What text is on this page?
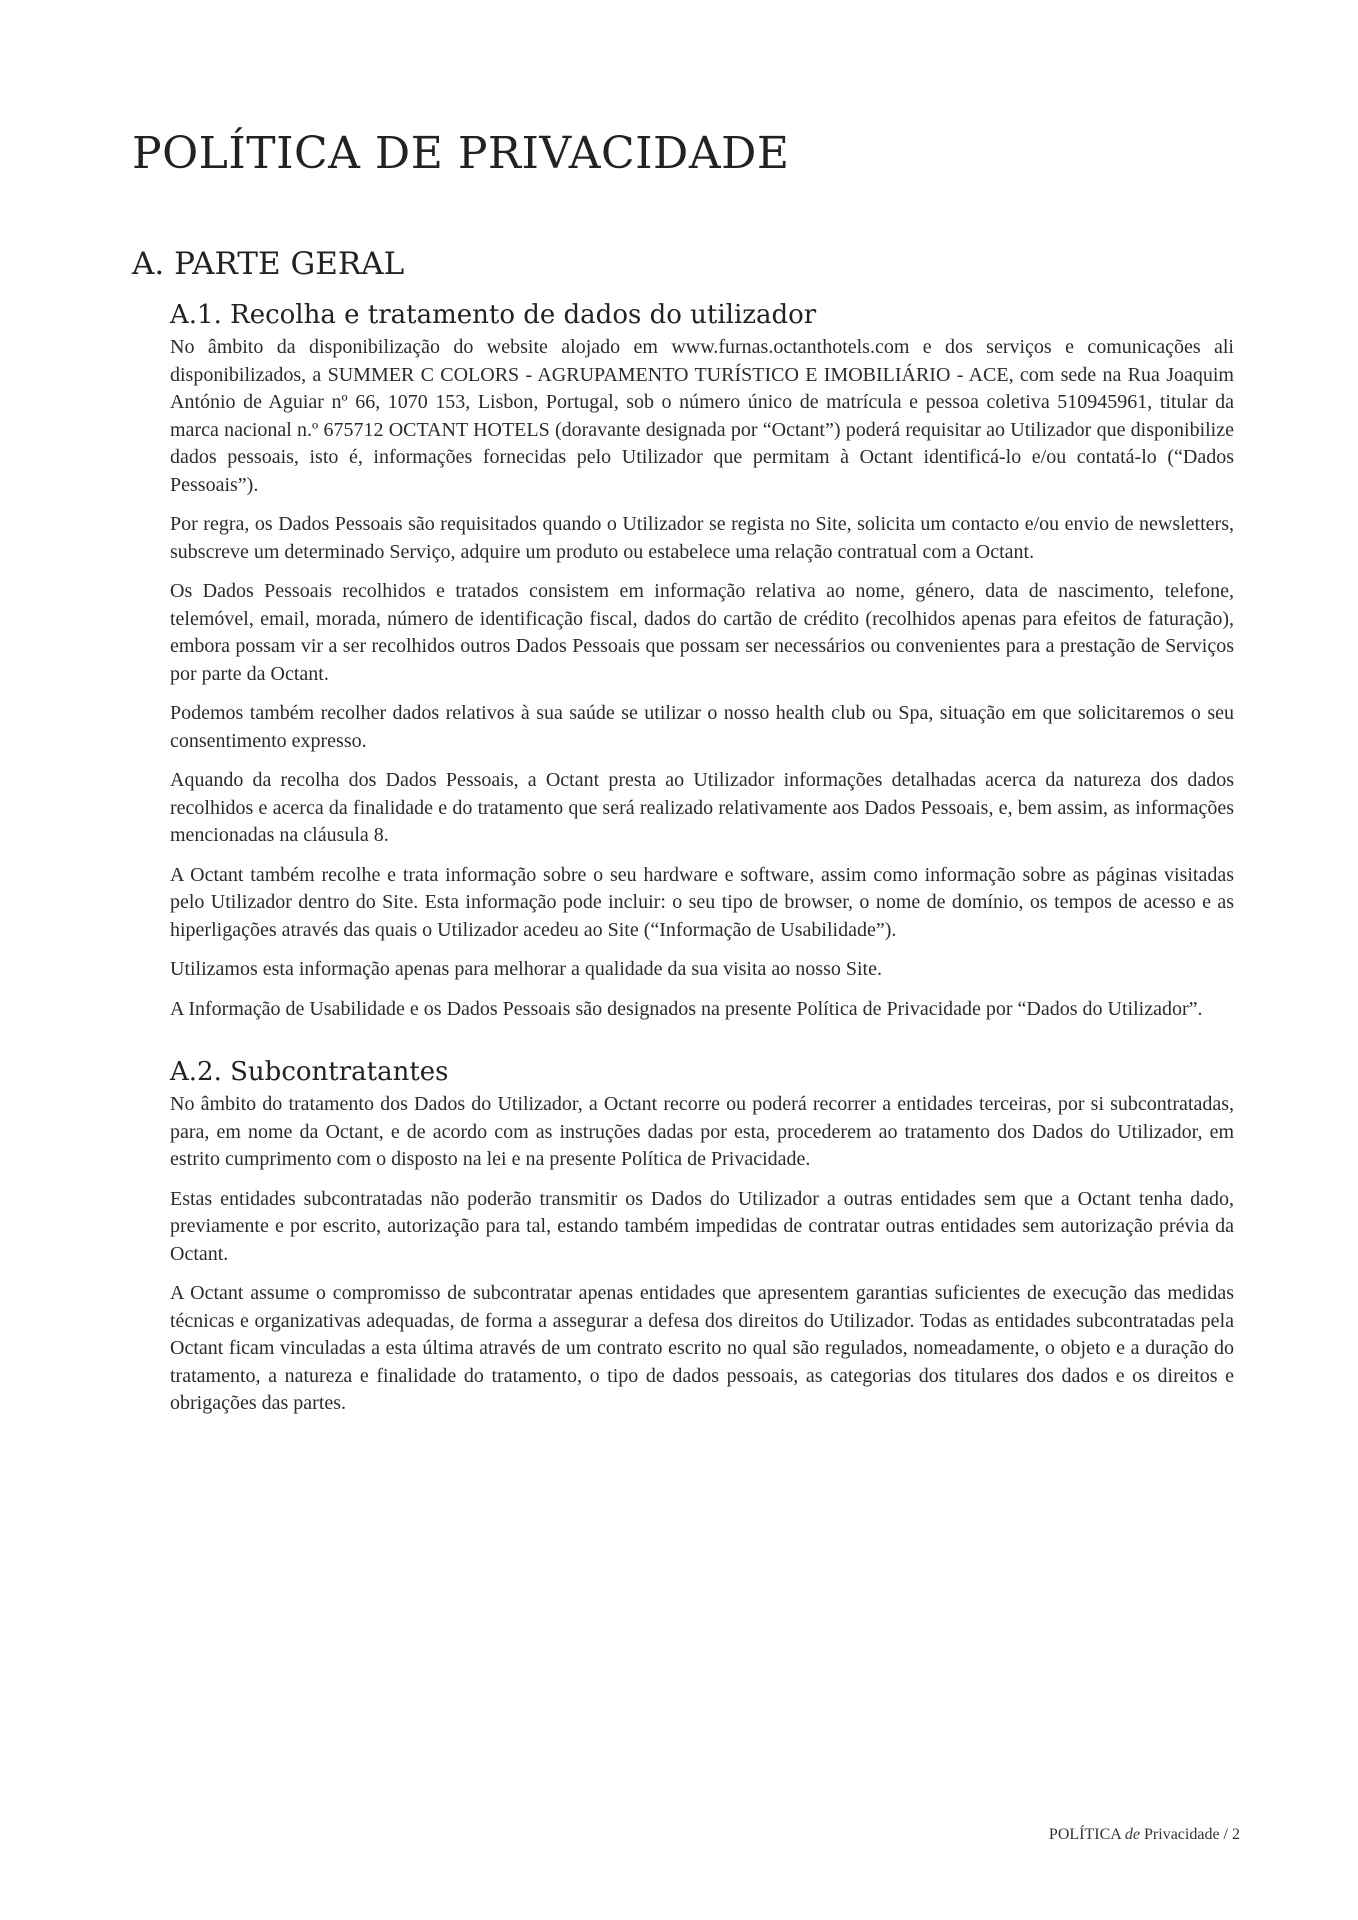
POLÍTICA DE PRIVACIDADE
A. PARTE GERAL
A.1. Recolha e tratamento de dados do utilizador

No âmbito da disponibilização do website alojado em www.furnas.octanthotels.com e dos serviços e comunicações ali disponibilizados, a SUMMER C COLORS - AGRUPAMENTO TURÍSTICO E IMOBILIÁRIO - ACE, com sede na Rua Joaquim António de Aguiar nº 66, 1070 153, Lisbon, Portugal, sob o número único de matrícula e pessoa coletiva 510945961, titular da marca nacional n.º 675712 OCTANT HOTELS (doravante designada por “Octant”) poderá requisitar ao Utilizador que disponibilize dados pessoais, isto é, informações fornecidas pelo Utilizador que permitam à Octant identificá-lo e/ou contatá-lo (“Dados Pessoais”).

Por regra, os Dados Pessoais são requisitados quando o Utilizador se regista no Site, solicita um contacto e/ou envio de newsletters, subscreve um determinado Serviço, adquire um produto ou estabelece uma relação contratual com a Octant.

Os Dados Pessoais recolhidos e tratados consistem em informação relativa ao nome, género, data de nascimento, telefone, telemóvel, email, morada, número de identificação fiscal, dados do cartão de crédito (recolhidos apenas para efeitos de faturação), embora possam vir a ser recolhidos outros Dados Pessoais que possam ser necessários ou convenientes para a prestação de Serviços por parte da Octant.

Podemos também recolher dados relativos à sua saúde se utilizar o nosso health club ou Spa, situação em que solicitaremos o seu consentimento expresso.

Aquando da recolha dos Dados Pessoais, a Octant presta ao Utilizador informações detalhadas acerca da natureza dos dados recolhidos e acerca da finalidade e do tratamento que será realizado relativamente aos Dados Pessoais, e, bem assim, as informações mencionadas na cláusula 8.

A Octant também recolhe e trata informação sobre o seu hardware e software, assim como informação sobre as páginas visitadas pelo Utilizador dentro do Site. Esta informação pode incluir: o seu tipo de browser, o nome de domínio, os tempos de acesso e as hiperligações através das quais o Utilizador acedeu ao Site (“Informação de Usabilidade”).

Utilizamos esta informação apenas para melhorar a qualidade da sua visita ao nosso Site.

A Informação de Usabilidade e os Dados Pessoais são designados na presente Política de Privacidade por “Dados do Utilizador”.

A.2. Subcontratantes

No âmbito do tratamento dos Dados do Utilizador, a Octant recorre ou poderá recorrer a entidades terceiras, por si subcontratadas, para, em nome da Octant, e de acordo com as instruções dadas por esta, procederem ao tratamento dos Dados do Utilizador, em estrito cumprimento com o disposto na lei e na presente Política de Privacidade.

Estas entidades subcontratadas não poderão transmitir os Dados do Utilizador a outras entidades sem que a Octant tenha dado, previamente e por escrito, autorização para tal, estando também impedidas de contratar outras entidades sem autorização prévia da Octant.

A Octant assume o compromisso de subcontratar apenas entidades que apresentem garantias suficientes de execução das medidas técnicas e organizativas adequadas, de forma a assegurar a defesa dos direitos do Utilizador. Todas as entidades subcontratadas pela Octant ficam vinculadas a esta última através de um contrato escrito no qual são regulados, nomeadamente, o objeto e a duração do tratamento, a natureza e finalidade do tratamento, o tipo de dados pessoais, as categorias dos titulares dos dados e os direitos e obrigações das partes.

POLÍTICA de Privacidade / 2
